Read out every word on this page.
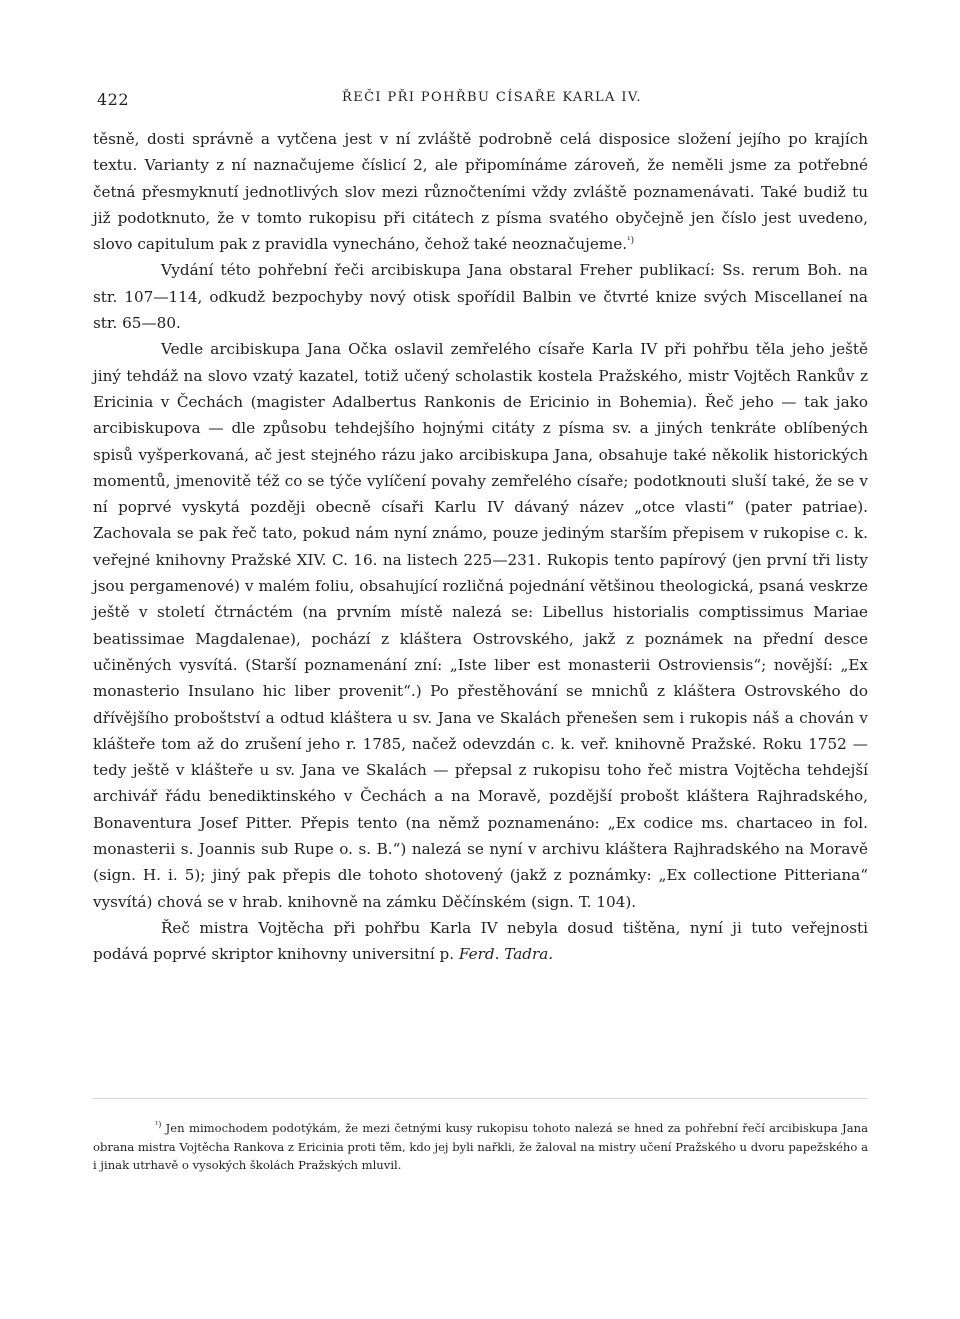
422	ŘEČI PŘI POHŘBU CÍSAŘE KARLA IV.

těsně, dosti správně a vytčena jest v ní zvláště podrobně celá disposice složení jejího po krajích textu. Varianty z ní naznačujeme číslicí 2, ale připomínáme zároveň, že neměli jsme za potřebné četná přesmyknutí jednotlivých slov mezi různočteními vždy zvláště poznamenávati. Také budiž tu již podotknuto, že v tomto rukopisu při citátech z písma svatého obyčejně jen číslo jest uvedeno, slovo capitulum pak z pravidla vynecháno, čehož také neoznačujeme.$^{^1)}$

Vydání této pohřební řeči arcibiskupa Jana obstaral Freher publikací: Ss. rerum Boh. na str. 107—114, odkudž bezpochyby nový otisk spořídil Balbin ve čtvrté knize svých Miscellaneí na str. 65—80.

Vedle arcibiskupa Jana Očka oslavil zemřelého císaře Karla IV při pohřbu těla jeho ještě jiný tehdáž na slovo vzatý kazatel, totiž učený scholastik kostela Pražského, mistr Vojtěch Rankův z Ericinia v Čechách (magister Adalbertus Rankonis de Ericinio in Bohemia). Řeč jeho — tak jako arcibiskupova — dle způsobu tehdejšího hojnými citáty z písma sv. a jiných tenkráte oblíbených spisů vyšperkovaná, ač jest stejného rázu jako arcibiskupa Jana, obsahuje také několik historických momentů, jmenovitě též co se týče vylíčení povahy zemřelého císaře; podotknouti sluší také, že se v ní poprvé vyskytá později obecně císaři Karlu IV dávaný název „otce vlasti“ (pater patriae). Zachovala se pak řeč tato, pokud nám nyní známo, pouze jediným starším přepisem v rukopise c. k. veřejné knihovny Pražské XIV. C. 16. na listech 225—231. Rukopis tento papírový (jen první tři listy jsou pergamenové) v malém foliu, obsahující rozličná pojednání většinou theologická, psaná veskrze ještě v století čtrnáctém (na prvním místě nalezá se: Libellus historialis comptissimus Mariae beatissimae Magdalenae), pochází z kláštera Ostrovského, jakž z poznámek na přední desce učiněných vysvítá. (Starší poznamenání zní: „Iste liber est monasterii Ostroviensis“; novější: „Ex monasterio Insulano hic liber provenit“.) Po přestěhování se mnichů z kláštera Ostrovského do dřívějšího proboštství a odtud kláštera u sv. Jana ve Skalách přenešen sem i rukopis náš a chován v klášteře tom až do zrušení jeho r. 1785, načež odevzdán c. k. veř. knihovně Pražské. Roku 1752 — tedy ještě v klášteře u sv. Jana ve Skalách — přepsal z rukopisu toho řeč mistra Vojtěcha tehdejší archivář řádu benediktinského v Čechách a na Moravě, pozdější probošt kláštera Rajhradského, Bonaventura Josef Pitter. Přepis tento (na němž poznamenáno: „Ex codice ms. chartaceo in fol. monasterii s. Joannis sub Rupe o. s. B.“) nalezá se nyní v archivu kláštera Rajhradského na Moravě (sign. H. i. 5); jiný pak přepis dle tohoto shotovený (jakž z poznámky: „Ex collectione Pitteriana“ vysvítá) chová se v hrab. knihovně na zámku Děčínském (sign. T. 104).

Řeč mistra Vojtěcha při pohřbu Karla IV nebyla dosud tištěna, nyní ji tuto veřejnosti podává poprvé skriptor knihovny universitní p. Ferd. Tadra.

$^{^1)}$ Jen mimochodem podotýkám, že mezi četnými kusy rukopisu tohoto nalezá se hned za pohřební řečí arcibiskupa Jana obrana mistra Vojtěcha Rankova z Ericinia proti těm, kdo jej byli nařkli, že žaloval na mistry učení Pražského u dvoru papežského a i jinak utrhavě o vysokých školách Pražských mluvil.
